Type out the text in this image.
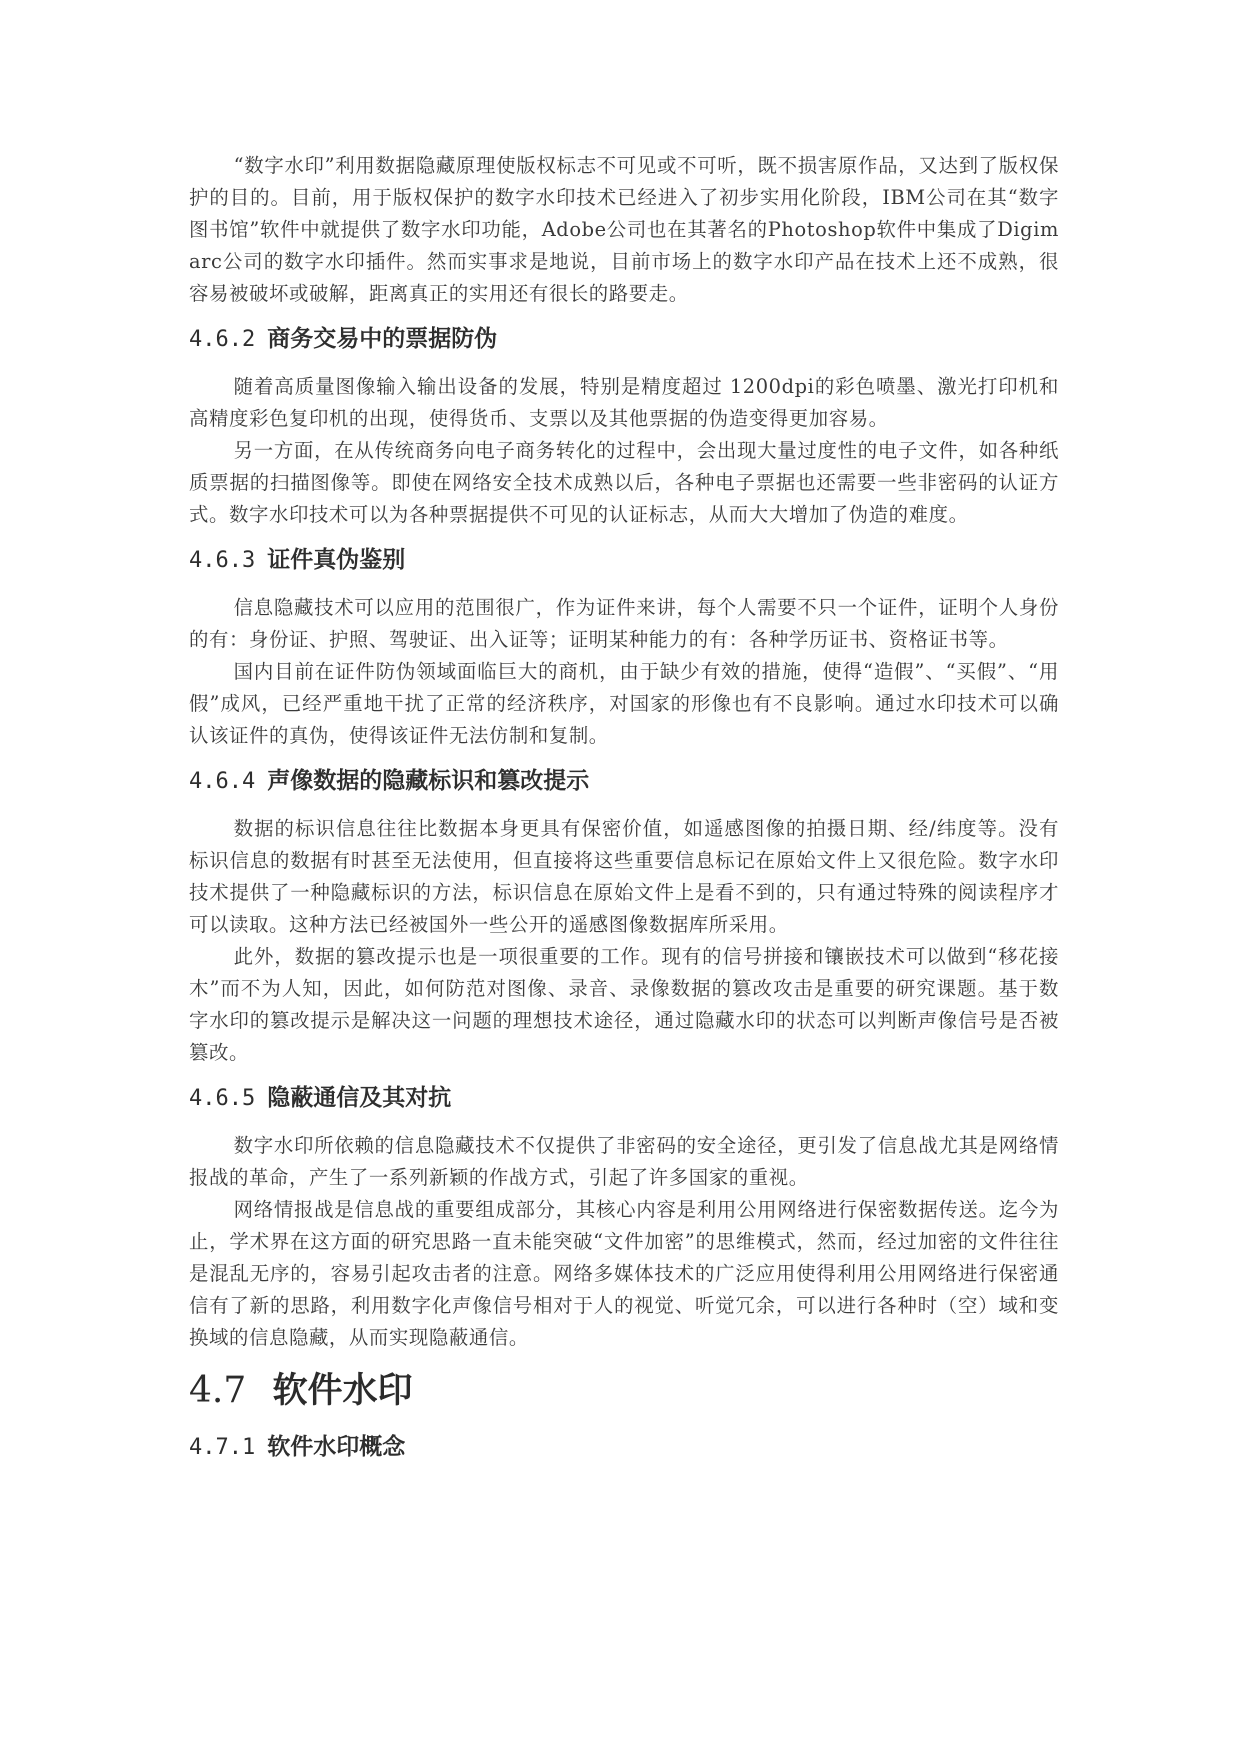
“数字水印”利用数据隐藏原理使版权标志不可见或不可听，既不损害原作品，又达到了版权保护的目的。目前，用于版权保护的数字水印技术已经进入了初步实用化阶段，IBM公司在其“数字图书馆”软件中就提供了数字水印功能，Adobe公司也在其著名的Photoshop软件中集成了Digimarc公司的数字水印插件。然而实事求是地说，目前市场上的数字水印产品在技术上还不成熟，很容易被破坏或破解，距离真正的实用还有很长的路要走。

4.6.2 商务交易中的票据防伪

随着高质量图像输入输出设备的发展，特别是精度超过 1200dpi的彩色喷墨、激光打印机和高精度彩色复印机的出现，使得货币、支票以及其他票据的伪造变得更加容易。

另一方面，在从传统商务向电子商务转化的过程中，会出现大量过度性的电子文件，如各种纸质票据的扫描图像等。即使在网络安全技术成熟以后，各种电子票据也还需要一些非密码的认证方式。数字水印技术可以为各种票据提供不可见的认证标志，从而大大增加了伪造的难度。

4.6.3 证件真伪鉴别

信息隐藏技术可以应用的范围很广，作为证件来讲，每个人需要不只一个证件，证明个人身份的有：身份证、护照、驾驶证、出入证等；证明某种能力的有：各种学历证书、资格证书等。

国内目前在证件防伪领域面临巨大的商机，由于缺少有效的措施，使得“造假”、“买假”、“用假”成风，已经严重地干扰了正常的经济秩序，对国家的形像也有不良影响。通过水印技术可以确认该证件的真伪，使得该证件无法仿制和复制。

4.6.4 声像数据的隐藏标识和篡改提示

数据的标识信息往往比数据本身更具有保密价值，如遥感图像的拍摄日期、经/纬度等。没有标识信息的数据有时甚至无法使用，但直接将这些重要信息标记在原始文件上又很危险。数字水印技术提供了一种隐藏标识的方法，标识信息在原始文件上是看不到的，只有通过特殊的阅读程序才可以读取。这种方法已经被国外一些公开的遥感图像数据库所采用。

此外，数据的篡改提示也是一项很重要的工作。现有的信号拼接和镶嵌技术可以做到“移花接木”而不为人知，因此，如何防范对图像、录音、录像数据的篡改攻击是重要的研究课题。基于数字水印的篡改提示是解决这一问题的理想技术途径，通过隐藏水印的状态可以判断声像信号是否被篡改。

4.6.5 隐蔽通信及其对抗

数字水印所依赖的信息隐藏技术不仅提供了非密码的安全途径，更引发了信息战尤其是网络情报战的革命，产生了一系列新颖的作战方式，引起了许多国家的重视。

网络情报战是信息战的重要组成部分，其核心内容是利用公用网络进行保密数据传送。迄今为止，学术界在这方面的研究思路一直未能突破“文件加密”的思维模式，然而，经过加密的文件往往是混乱无序的，容易引起攻击者的注意。网络多媒体技术的广泛应用使得利用公用网络进行保密通信有了新的思路，利用数字化声像信号相对于人的视觉、听觉冗余，可以进行各种时（空）域和变换域的信息隐藏，从而实现隐蔽通信。

4.7 软件水印
4.7.1 软件水印概念
